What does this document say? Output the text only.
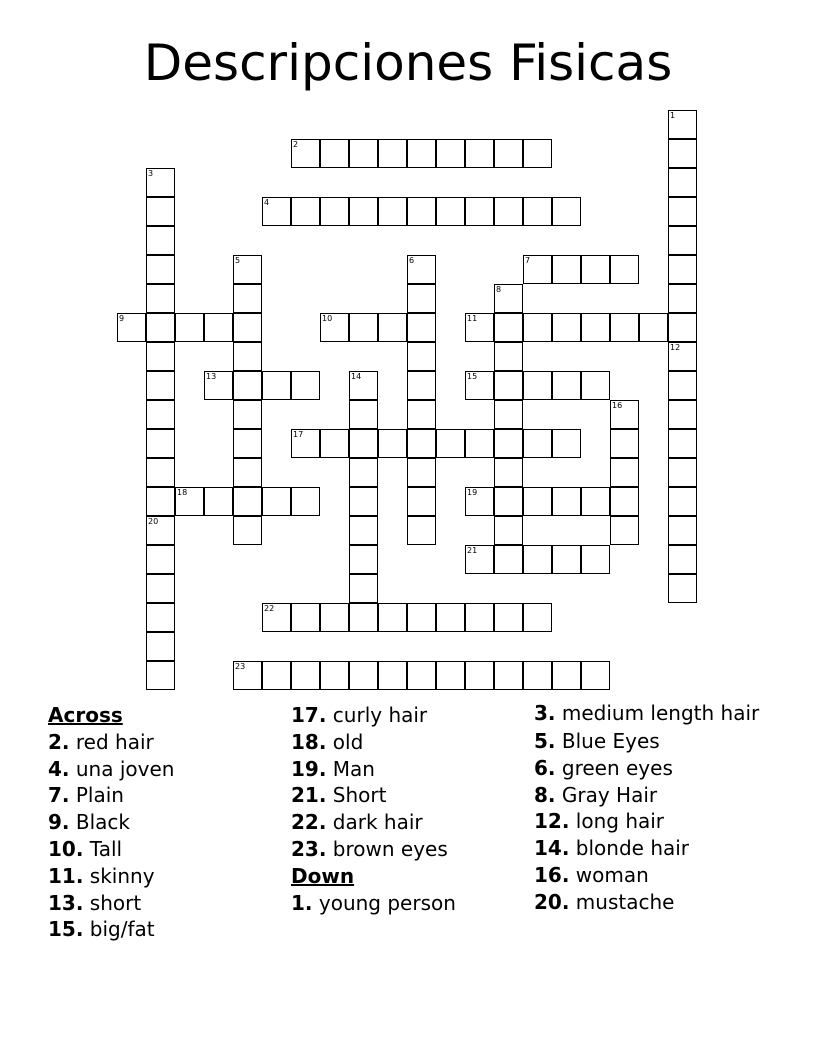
Descripciones Fisicas
1
2
3
4
5	6	7
8
9	10	11
12
13	14	15
16
17
18	19
20
21
22
23
Across
2. red hair
4. una joven
7. Plain
9. Black
10. Tall
11. skinny
13. short
15. big/fat
17. curly hair
18. old
19. Man
21. Short
22. dark hair
23. brown eyes
Down
1. young person
3. medium length hair
5. Blue Eyes
6. green eyes
8. Gray Hair
12. long hair
14. blonde hair
16. woman
20. mustache
